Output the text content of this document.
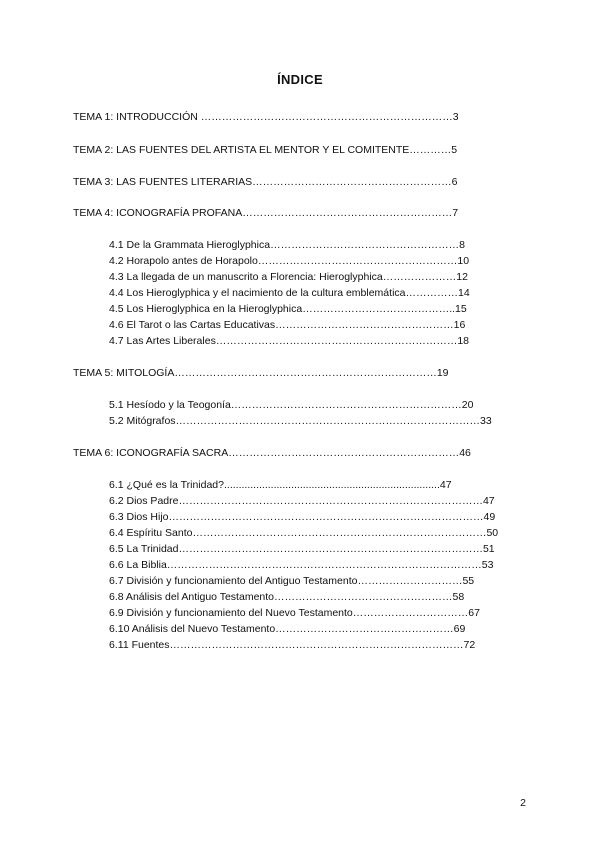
ÍNDICE
TEMA 1: INTRODUCCIÓN ………………………………………………………………3
TEMA 2: LAS FUENTES DEL ARTISTA EL MENTOR Y EL COMITENTE…………5
TEMA 3: LAS FUENTES LITERARIAS…………………………………………………6
TEMA 4: ICONOGRAFÍA PROFANA……………………………………………………7
4.1 De la Grammata Hieroglyphica………………………………………………8
4.2 Horapolo antes de Horapolo…………………………………………………10
4.3 La llegada de un manuscrito a Florencia: Hieroglyphica…………………12
4.4 Los Hieroglyphica y el nacimiento de la cultura emblemática……………14
4.5 Los Hieroglyphica en la Hieroglyphica……………………………………..15
4.6 El Tarot o las Cartas Educativas……………………………………………16
4.7 Las Artes Liberales……………………………………………………………18
TEMA 5: MITOLOGÍA…………………………………………………………………19
5.1 Hesíodo y la Teogonía…………………………………………………………20
5.2 Mitógrafos……………………………………………………………………………33
TEMA 6: ICONOGRAFÍA SACRA…………………………………………………………46
6.1 ¿Qué es la Trinidad?..........................................................................47
6.2 Dios Padre……………………………………………………………………………47
6.3 Dios Hijo………………………………………………………………………………49
6.4 Espíritu Santo…………………………………………………………………………50
6.5 La Trinidad……………………………………………………………………………51
6.6 La Biblia………………………………………………………………………………53
6.7 División y funcionamiento del Antiguo Testamento…………………………55
6.8 Análisis del Antiguo Testamento……………………………………………58
6.9 División y funcionamiento del Nuevo Testamento……………………………67
6.10 Análisis del Nuevo Testamento……………………………………………69
6.11 Fuentes…………………………………………………………………………72
2
